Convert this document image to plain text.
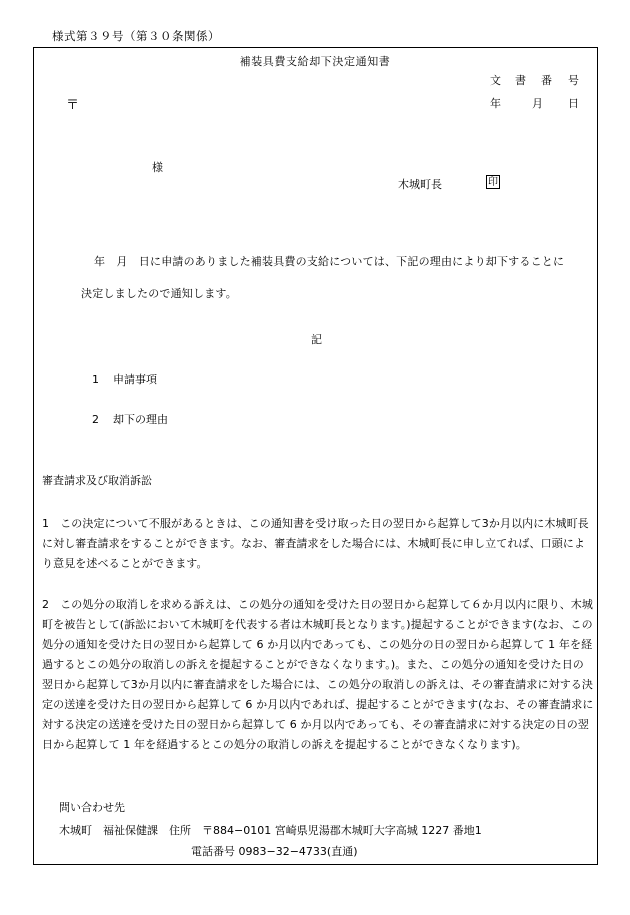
様式第３９号（第３０条関係）
補装具費支給却下決定通知書
文 書 番 号
年	月 日
〒
様
木城町長	印
年　月　日に申請のありました補装具費の支給については、下記の理由により却下することに
決定しましたので通知します。
記
1 申請事項
2 却下の理由
審査請求及び取消訴訟
1　この決定について不服があるときは、この通知書を受け取った日の翌日から起算して3か月以内に木城町長に対し審査請求をすることができます。なお、審査請求をした場合には、木城町長に申し立てれば、口頭により意見を述べることができます。
2　この処分の取消しを求める訴えは、この処分の通知を受けた日の翌日から起算して６か月以内に限り、木城町を被告として(訴訟において木城町を代表する者は木城町長となります。)提起することができます(なお、この処分の通知を受けた日の翌日から起算して 6 か月以内であっても、この処分の日の翌日から起算して 1 年を経過するとこの処分の取消しの訴えを提起することができなくなります。)。また、この処分の通知を受けた日の翌日から起算して3か月以内に審査請求をした場合には、この処分の取消しの訴えは、その審査請求に対する決定の送達を受けた日の翌日から起算して 6 か月以内であれば、提起することができます(なお、その審査請求に対する決定の送達を受けた日の翌日から起算して 6 か月以内であっても、その審査請求に対する決定の日の翌日から起算して 1 年を経過するとこの処分の取消しの訴えを提起することができなくなります)。
問い合わせ先
木城町　福祉保健課　住所　〒884−0101 宮崎県児湯郡木城町大字高城 1227 番地1
電話番号 0983−32−4733(直通)
